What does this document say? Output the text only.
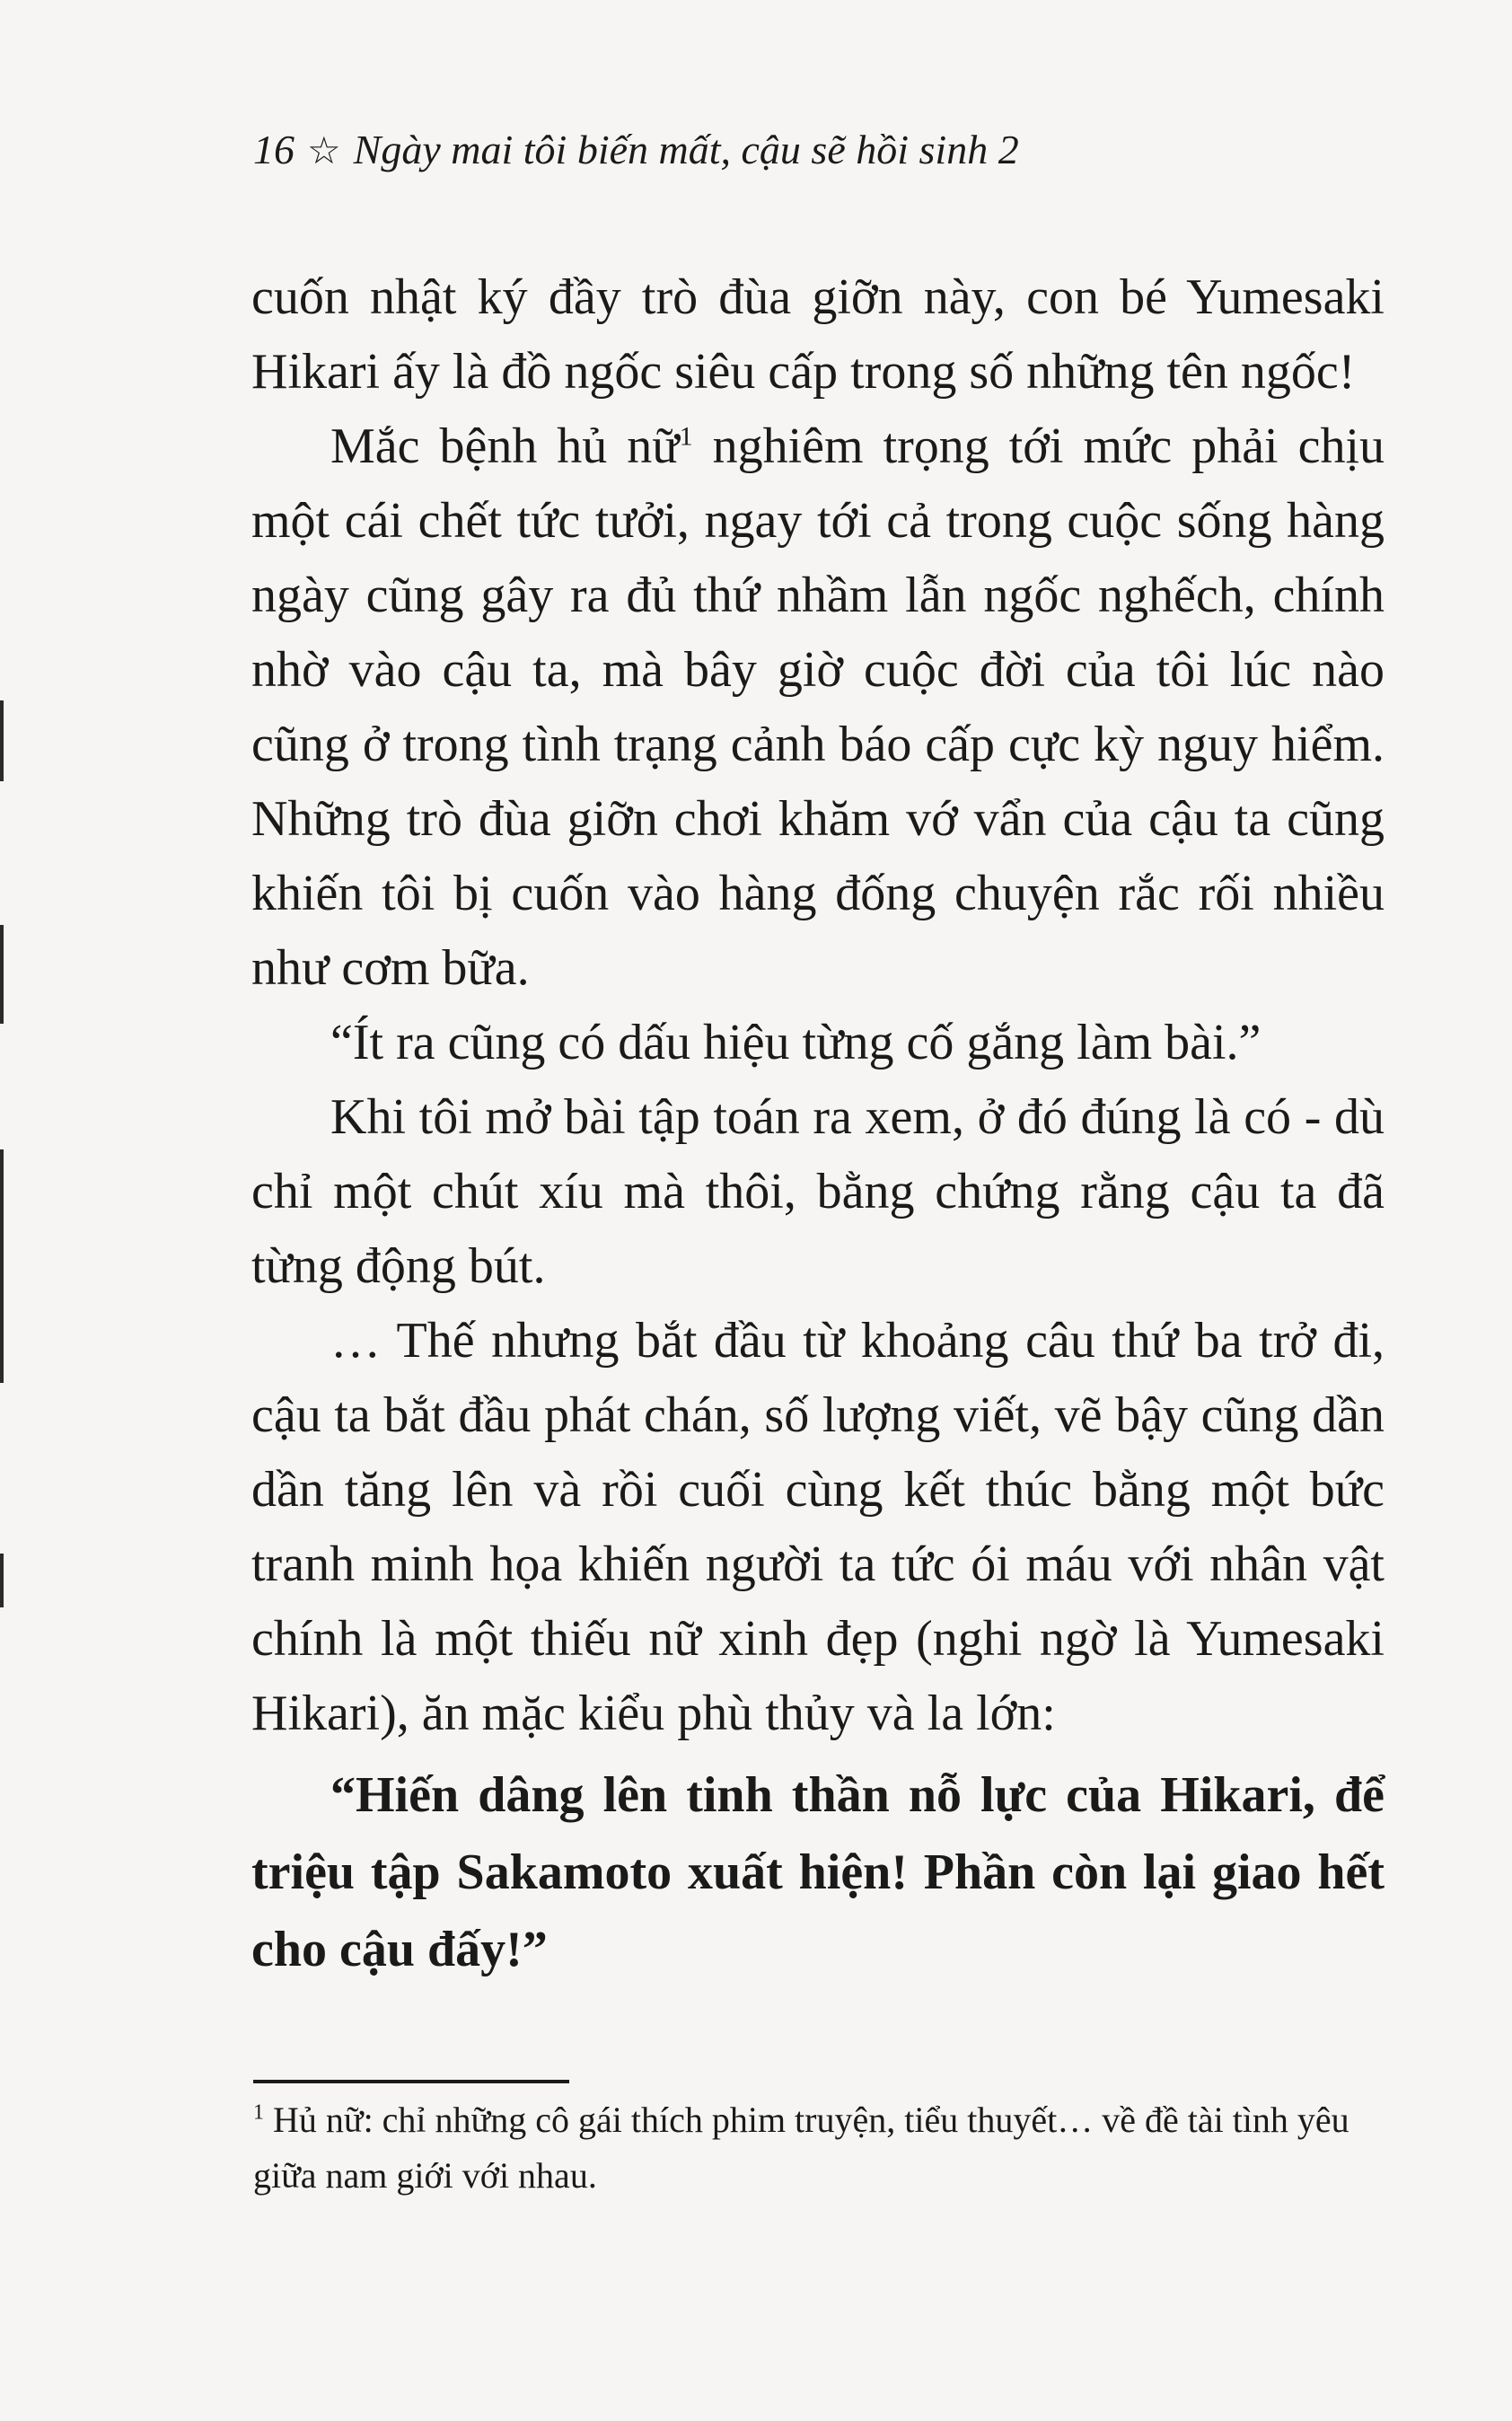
16 ☆ Ngày mai tôi biến mất, cậu sẽ hồi sinh 2

cuốn nhật ký đầy trò đùa giỡn này, con bé Yumesaki Hikari ấy là đồ ngốc siêu cấp trong số những tên ngốc!

Mắc bệnh hủ nữ$^1$ nghiêm trọng tới mức phải chịu một cái chết tức tưởi, ngay tới cả trong cuộc sống hàng ngày cũng gây ra đủ thứ nhầm lẫn ngốc nghếch, chính nhờ vào cậu ta, mà bây giờ cuộc đời của tôi lúc nào cũng ở trong tình trạng cảnh báo cấp cực kỳ nguy hiểm. Những trò đùa giỡn chơi khăm vớ vẩn của cậu ta cũng khiến tôi bị cuốn vào hàng đống chuyện rắc rối nhiều như cơm bữa.

“Ít ra cũng có dấu hiệu từng cố gắng làm bài.”

Khi tôi mở bài tập toán ra xem, ở đó đúng là có - dù chỉ một chút xíu mà thôi, bằng chứng rằng cậu ta đã từng động bút.

… Thế nhưng bắt đầu từ khoảng câu thứ ba trở đi, cậu ta bắt đầu phát chán, số lượng viết, vẽ bậy cũng dần dần tăng lên và rồi cuối cùng kết thúc bằng một bức tranh minh họa khiến người ta tức ói máu với nhân vật chính là một thiếu nữ xinh đẹp (nghi ngờ là Yumesaki Hikari), ăn mặc kiểu phù thủy và la lớn:

“Hiến dâng lên tinh thần nỗ lực của Hikari, để triệu tập Sakamoto xuất hiện! Phần còn lại giao hết cho cậu đấy!”

$^1$ Hủ nữ: chỉ những cô gái thích phim truyện, tiểu thuyết… về đề tài tình yêu giữa nam giới với nhau.
